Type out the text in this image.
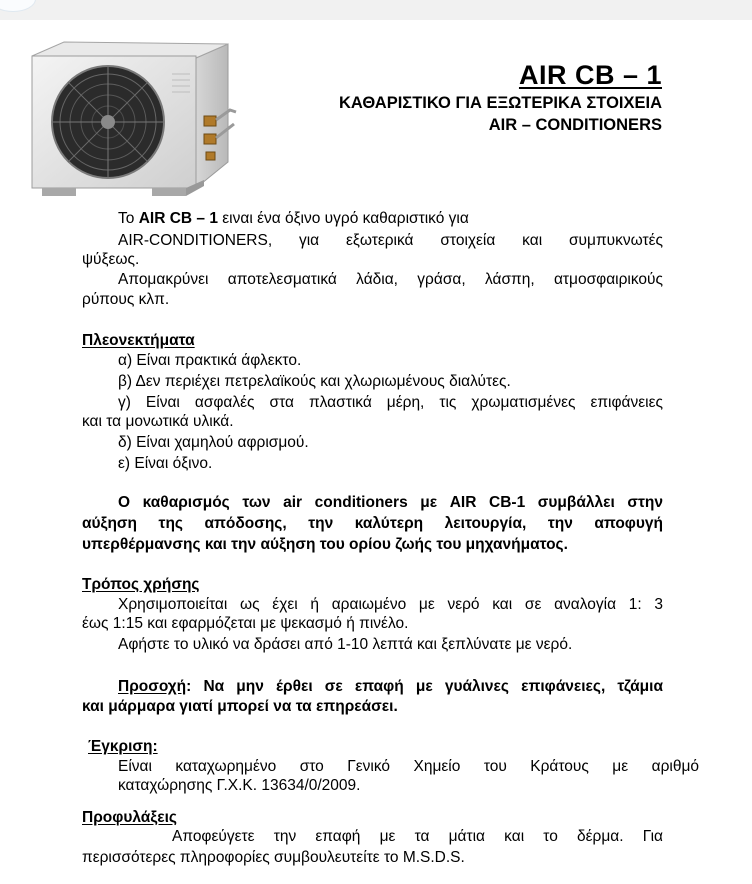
AIR CB – 1
ΚΑΘΑΡΙΣΤΙΚΟ ΓΙΑ ΕΞΩΤΕΡΙΚΑ ΣΤΟΙΧΕΙΑ
AIR – CONDITIONERS
Το AIR CB – 1 ειναι ένα όξινο υγρό καθαριστικό για
AIR-CONDITIONERS, για εξωτερικά στοιχεία και συμπυκνωτές
ψύξεως.
Απομακρύνει αποτελεσματικά λάδια, γράσα, λάσπη, ατμοσφαιρικούς
ρύπους κλπ.
Πλεονεκτήματα
α) Είναι πρακτικά άφλεκτο.
β) Δεν περιέχει πετρελαϊκούς και χλωριωμένους διαλύτες.
γ) Είναι ασφαλές στα πλαστικά μέρη, τις χρωματισμένες επιφάνειες
και τα μονωτικά υλικά.
δ) Είναι χαμηλού αφρισμού.
ε) Είναι όξινο.
Ο καθαρισμός των air conditioners με AIR CB-1 συμβάλλει στην
αύξηση της απόδοσης, την καλύτερη λειτουργία, την αποφυγή
υπερθέρμανσης και την αύξηση του ορίου ζωής του μηχανήματος.
Τρόπος χρήσης
Χρησιμοποιείται ως έχει ή αραιωμένο με νερό και σε αναλογία 1: 3
έως 1:15 και εφαρμόζεται με ψεκασμό ή πινέλο.
Αφήστε το υλικό να δράσει από 1-10 λεπτά και ξεπλύνατε με νερό.
Προσοχή: Να μην έρθει σε επαφή με γυάλινες επιφάνειες, τζάμια
και μάρμαρα γιατί μπορεί να τα επηρεάσει.
Έγκριση:
Είναι καταχωρημένο στο Γενικό Χημείο του Κράτους με αριθμό
καταχώρησης Γ.Χ.Κ. 13634/0/2009.
Προφυλάξεις
Αποφεύγετε την επαφή με τα μάτια και το δέρμα. Για
περισσότερες πληροφορίες συμβουλευτείτε το M.S.D.S.
